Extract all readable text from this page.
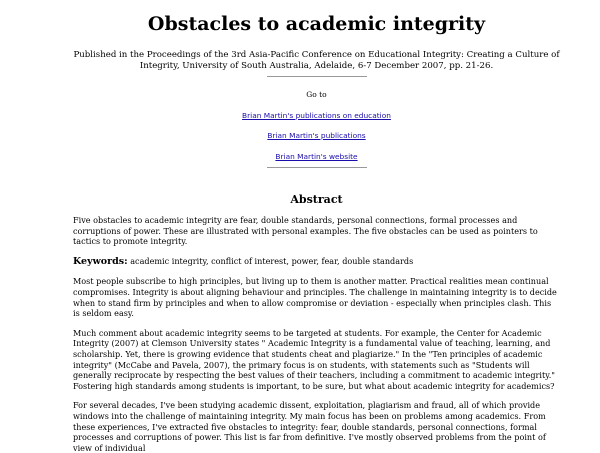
Obstacles to academic integrity

Published in the Proceedings of the 3rd Asia-Pacific Conference on Educational Integrity: Creating a Culture of Integrity, University of South Australia, Adelaide, 6-7 December 2007, pp. 21-26.

Go to
Brian Martin's publications on education
Brian Martin's publications
Brian Martin's website
Abstract

Five obstacles to academic integrity are fear, double standards, personal connections, formal processes and corruptions of power. These are illustrated with personal examples. The five obstacles can be used as pointers to tactics to promote integrity.

Keywords: academic integrity, conflict of interest, power, fear, double standards

Most people subscribe to high principles, but living up to them is another matter. Practical realities mean continual compromises. Integrity is about aligning behaviour and principles. The challenge in maintaining integrity is to decide when to stand firm by principles and when to allow compromise or deviation - especially when principles clash. This is seldom easy.

Much comment about academic integrity seems to be targeted at students. For example, the Center for Academic Integrity (2007) at Clemson University states " Academic Integrity is a fundamental value of teaching, learning, and scholarship. Yet, there is growing evidence that students cheat and plagiarize." In the "Ten principles of academic integrity" (McCabe and Pavela, 2007), the primary focus is on students, with statements such as "Students will generally reciprocate by respecting the best values of their teachers, including a commitment to academic integrity." Fostering high standards among students is important, to be sure, but what about academic integrity for academics?

For several decades, I've been studying academic dissent, exploitation, plagiarism and fraud, all of which provide windows into the challenge of maintaining integrity. My main focus has been on problems among academics. From these experiences, I've extracted five obstacles to integrity: fear, double standards, personal connections, formal processes and corruptions of power. This list is far from definitive. I've mostly observed problems from the point of view of individual
